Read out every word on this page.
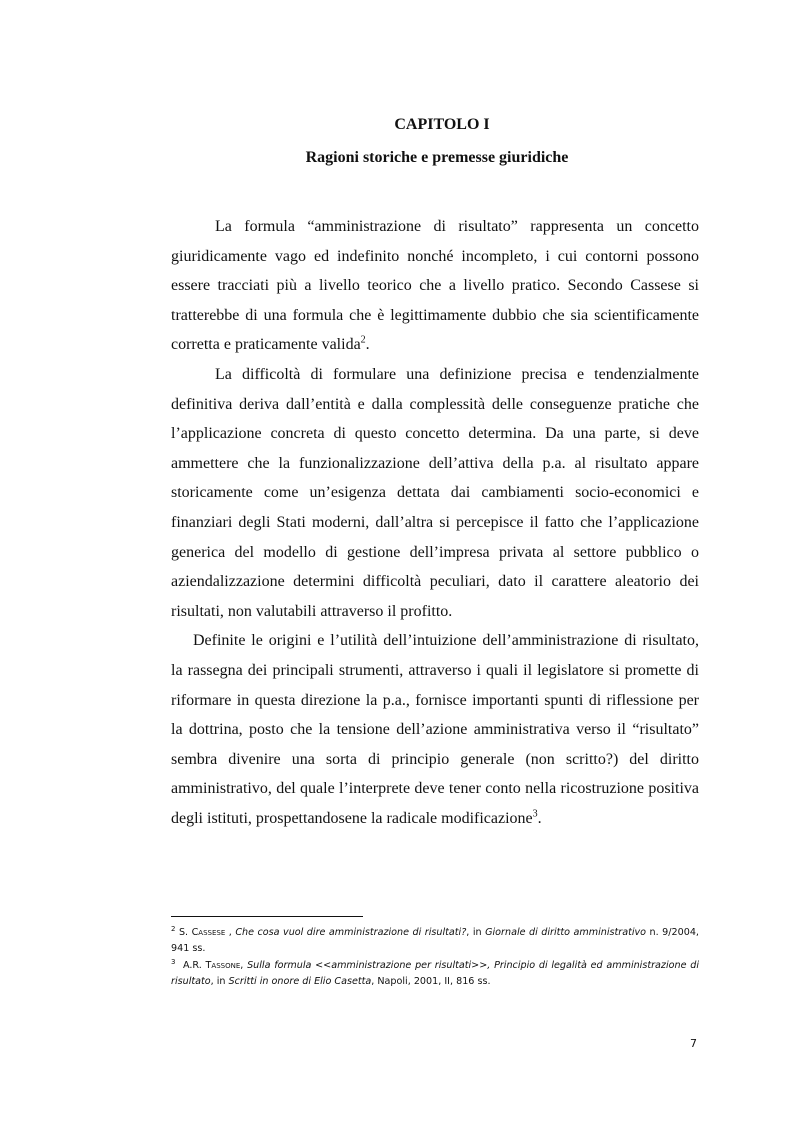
CAPITOLO I
Ragioni storiche e premesse giuridiche

La formula “amministrazione di risultato” rappresenta un concetto giuridicamente vago ed indefinito nonché incompleto, i cui contorni possono essere tracciati più a livello teorico che a livello pratico. Secondo Cassese si tratterebbe di una formula che è legittimamente dubbio che sia scientificamente corretta e praticamente valida$^2$.

La difficoltà di formulare una definizione precisa e tendenzialmente definitiva deriva dall’entità e dalla complessità delle conseguenze pratiche che l’applicazione concreta di questo concetto determina. Da una parte, si deve ammettere che la funzionalizzazione dell’attiva della p.a. al risultato appare storicamente come un’esigenza dettata dai cambiamenti socio-economici e finanziari degli Stati moderni, dall’altra si percepisce il fatto che l’applicazione generica del modello di gestione dell’impresa privata al settore pubblico o aziendalizzazione determini difficoltà peculiari, dato il carattere aleatorio dei risultati, non valutabili attraverso il profitto.

Definite le origini e l’utilità dell’intuizione dell’amministrazione di risultato, la rassegna dei principali strumenti, attraverso i quali il legislatore si promette di riformare in questa direzione la p.a., fornisce importanti spunti di riflessione per la dottrina, posto che la tensione dell’azione amministrativa verso il “risultato” sembra divenire una sorta di principio generale (non scritto?) del diritto amministrativo, del quale l’interprete deve tener conto nella ricostruzione positiva degli istituti, prospettandosene la radicale modificazione$^3$.

$^2$ S. Cassese , Che cosa vuol dire amministrazione di risultati?, in Giornale di diritto amministrativo n. 9/2004, 941 ss.

$^3$ A.R. Tassone, Sulla formula <<amministrazione per risultati>>, Principio di legalità ed amministrazione di risultato, in Scritti in onore di Elio Casetta, Napoli, 2001, II, 816 ss.

7
